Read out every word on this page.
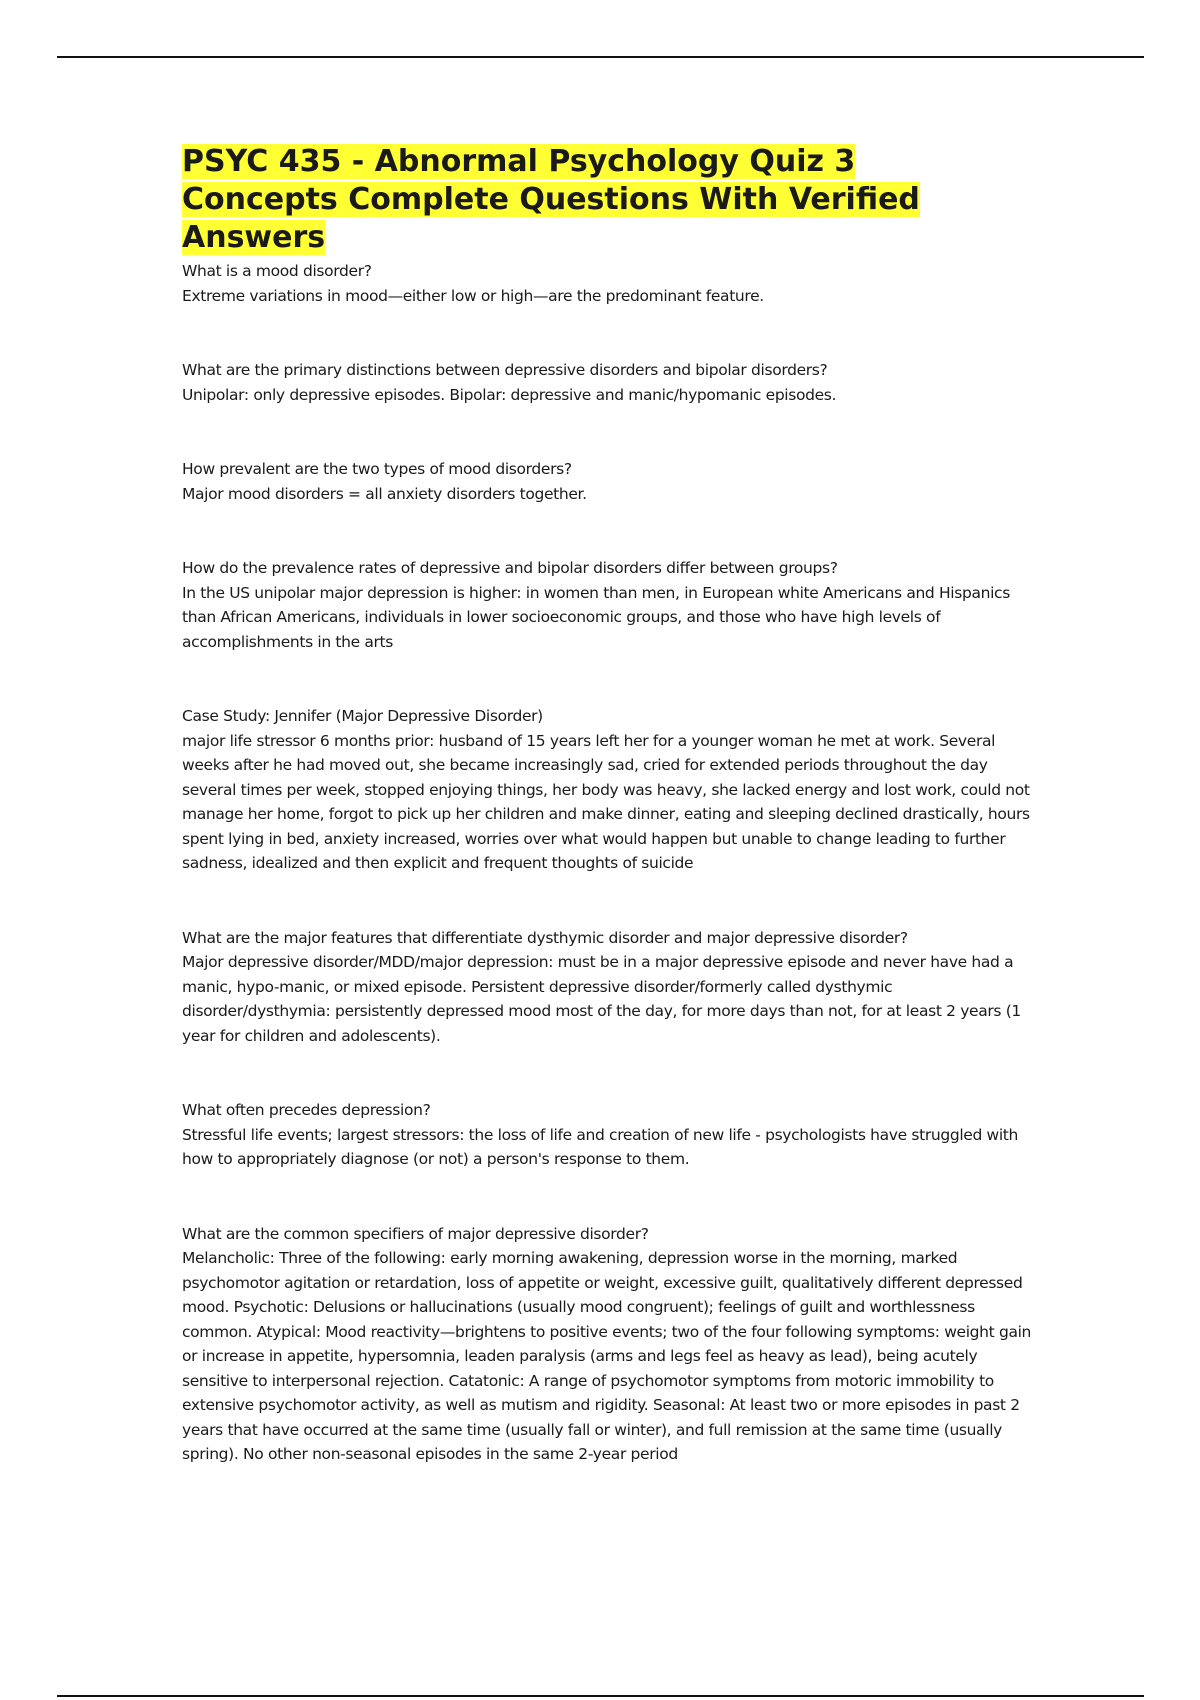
PSYC 435 - Abnormal Psychology Quiz 3 Concepts Complete Questions With Verified Answers

What is a mood disorder?

Extreme variations in mood—either low or high—are the predominant feature.

What are the primary distinctions between depressive disorders and bipolar disorders?

Unipolar: only depressive episodes. Bipolar: depressive and manic/hypomanic episodes.

How prevalent are the two types of mood disorders?

Major mood disorders = all anxiety disorders together.

How do the prevalence rates of depressive and bipolar disorders differ between groups?

In the US unipolar major depression is higher: in women than men, in European white Americans and Hispanics than African Americans, individuals in lower socioeconomic groups, and those who have high levels of accomplishments in the arts

Case Study: Jennifer (Major Depressive Disorder)

major life stressor 6 months prior: husband of 15 years left her for a younger woman he met at work. Several weeks after he had moved out, she became increasingly sad, cried for extended periods throughout the day several times per week, stopped enjoying things, her body was heavy, she lacked energy and lost work, could not manage her home, forgot to pick up her children and make dinner, eating and sleeping declined drastically, hours spent lying in bed, anxiety increased, worries over what would happen but unable to change leading to further sadness, idealized and then explicit and frequent thoughts of suicide

What are the major features that differentiate dysthymic disorder and major depressive disorder?

Major depressive disorder/MDD/major depression: must be in a major depressive episode and never have had a manic, hypo-manic, or mixed episode. Persistent depressive disorder/formerly called dysthymic disorder/dysthymia: persistently depressed mood most of the day, for more days than not, for at least 2 years (1 year for children and adolescents).

What often precedes depression?

Stressful life events; largest stressors: the loss of life and creation of new life - psychologists have struggled with how to appropriately diagnose (or not) a person's response to them.

What are the common specifiers of major depressive disorder?

Melancholic: Three of the following: early morning awakening, depression worse in the morning, marked psychomotor agitation or retardation, loss of appetite or weight, excessive guilt, qualitatively different depressed mood. Psychotic: Delusions or hallucinations (usually mood congruent); feelings of guilt and worthlessness common. Atypical: Mood reactivity—brightens to positive events; two of the four following symptoms: weight gain or increase in appetite, hypersomnia, leaden paralysis (arms and legs feel as heavy as lead), being acutely sensitive to interpersonal rejection. Catatonic: A range of psychomotor symptoms from motoric immobility to extensive psychomotor activity, as well as mutism and rigidity. Seasonal: At least two or more episodes in past 2 years that have occurred at the same time (usually fall or winter), and full remission at the same time (usually spring). No other non-seasonal episodes in the same 2-year period
